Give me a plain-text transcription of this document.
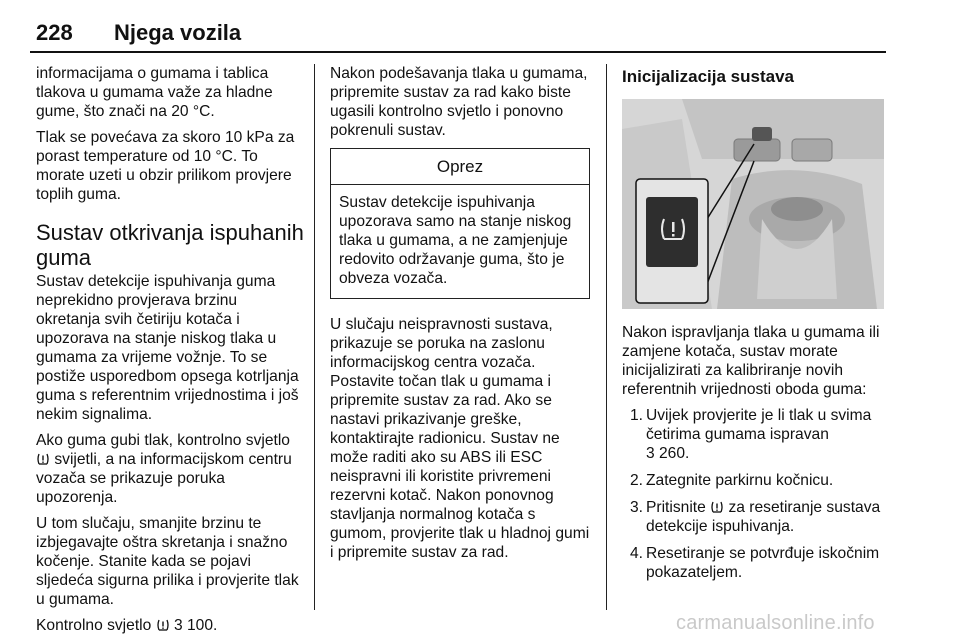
228 Njega vozila

informacijama o gumama i tablica tlakova u gumama važe za hladne gume, što znači na 20 °C.

Tlak se povećava za skoro 10 kPa za porast temperature od 10 °C. To morate uzeti u obzir prilikom provjere toplih guma.

Sustav otkrivanja ispuhanih guma

Sustav detekcije ispuhivanja guma neprekidno provjerava brzinu okretanja svih četiriju kotača i upozorava na stanje niskog tlaka u gumama za vrijeme vožnje. To se postiže usporedbom opsega kotrljanja guma s referentnim vrijednostima i još nekim signalima.

Ako guma gubi tlak, kontrolno svjetlo  svijetli, a na informacijskom centru vozača se prikazuje poruka upozorenja.

U tom slučaju, smanjite brzinu te izbjegavajte oštra skretanja i snažno kočenje. Stanite kada se pojavi sljedeća sigurna prilika i provjerite tlak u gumama.

Kontrolno svjetlo 3 100.

Nakon podešavanja tlaka u gumama, pripremite sustav za rad kako biste ugasili kontrolno svjetlo i ponovno pokrenuli sustav.

Oprez
Sustav detekcije ispuhivanja upozorava samo na stanje niskog tlaka u gumama, a ne zamjenjuje redovito održavanje guma, što je obveza vozača.

U slučaju neispravnosti sustava, prikazuje se poruka na zaslonu informacijskog centra vozača. Postavite točan tlak u gumama i pripremite sustav za rad. Ako se nastavi prikazivanje greške, kontaktirajte radionicu. Sustav ne može raditi ako su ABS ili ESC neispravni ili koristite privremeni rezervni kotač. Nakon ponovnog stavljanja normalnog kotača s gumom, provjerite tlak u hladnoj gumi i pripremite sustav za rad.

Inicijalizacija sustava

Nakon ispravljanja tlaka u gumama ili zamjene kotača, sustav morate inicijalizirati za kalibriranje novih referentnih vrijednosti oboda guma:

1. Uvijek provjerite je li tlak u svima četirima gumama ispravan
3 260.
2. Zategnite parkirnu kočnicu.
3. Pritisnite za resetiranje sustava detekcije ispuhivanja.
4. Resetiranje se potvrđuje iskočnim pokazateljem.
carmanualsonline.info
